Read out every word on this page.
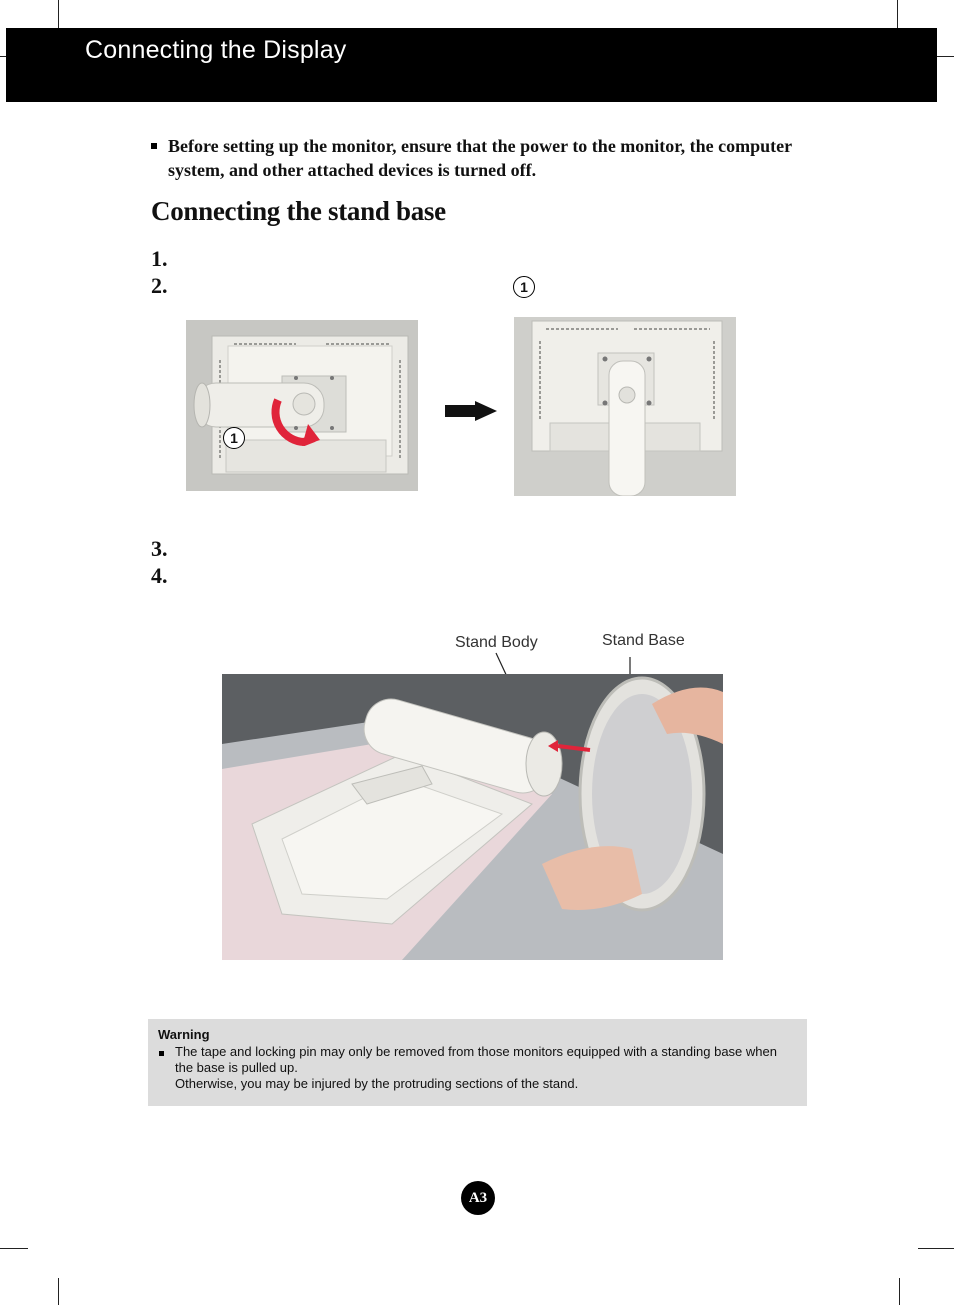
Connecting the Display
Before setting up the monitor, ensure that the power to the monitor, the computer system, and other attached devices is turned off.
Connecting the stand base
1.
2.	1
3.
4.
1
Stand Body	Stand Base
Warning
The tape and locking pin may only be removed from those monitors equipped with a standing base when the base is pulled up.
Otherwise, you may be injured by the protruding sections of the stand.
A3
